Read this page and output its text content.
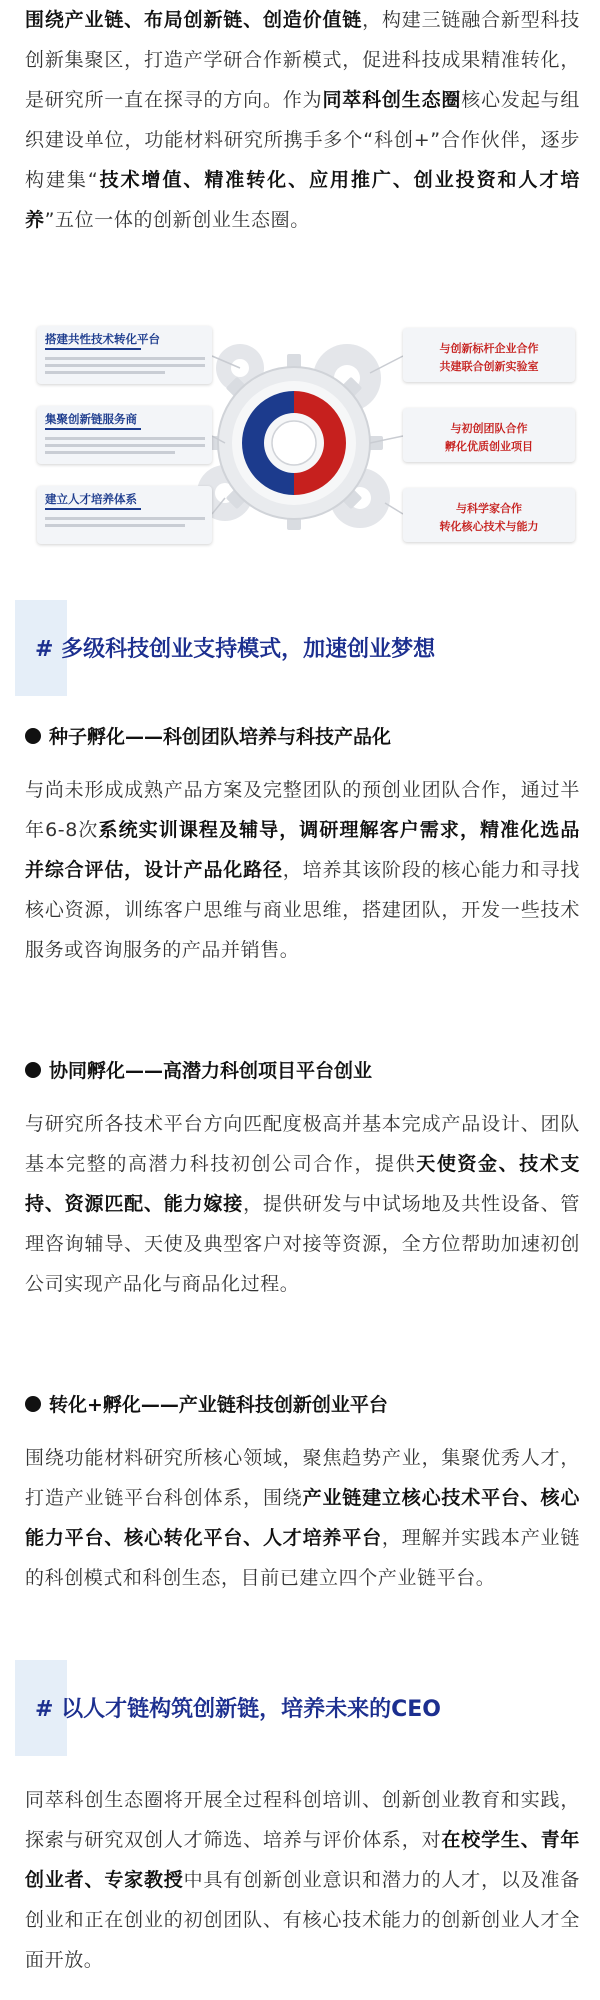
围绕产业链、布局创新链、创造价值链，构建三链融合新型科技创新集聚区，打造产学研合作新模式，促进科技成果精准转化，是研究所一直在探寻的方向。作为同萃科创生态圈核心发起与组织建设单位，功能材料研究所携手多个“科创+”合作伙伴，逐步构建集“技术增值、精准转化、应用推广、创业投资和人才培养”五位一体的创新创业生态圈。

搭建共性技术转化平台
集聚创新链服务商
建立人才培养体系
与创新标杆企业合作
共建联合创新实验室
与初创团队合作
孵化优质创业项目
与科学家合作
转化核心技术与能力
# 多级科技创业支持模式，加速创业梦想
种子孵化——科创团队培养与科技产品化

与尚未形成成熟产品方案及完整团队的预创业团队合作，通过半年6-8次系统实训课程及辅导，调研理解客户需求，精准化选品并综合评估，设计产品化路径，培养其该阶段的核心能力和寻找核心资源，训练客户思维与商业思维，搭建团队，开发一些技术服务或咨询服务的产品并销售。

协同孵化——高潜力科创项目平台创业

与研究所各技术平台方向匹配度极高并基本完成产品设计、团队基本完整的高潜力科技初创公司合作，提供天使资金、技术支持、资源匹配、能力嫁接，提供研发与中试场地及共性设备、管理咨询辅导、天使及典型客户对接等资源，全方位帮助加速初创公司实现产品化与商品化过程。

转化+孵化——产业链科技创新创业平台

围绕功能材料研究所核心领域，聚焦趋势产业，集聚优秀人才，打造产业链平台科创体系，围绕产业链建立核心技术平台、核心能力平台、核心转化平台、人才培养平台，理解并实践本产业链的科创模式和科创生态，目前已建立四个产业链平台。

# 以人才链构筑创新链，培养未来的CEO

同萃科创生态圈将开展全过程科创培训、创新创业教育和实践，探索与研究双创人才筛选、培养与评价体系，对在校学生、青年创业者、专家教授中具有创新创业意识和潜力的人才，以及准备创业和正在创业的初创团队、有核心技术能力的创新创业人才全面开放。
